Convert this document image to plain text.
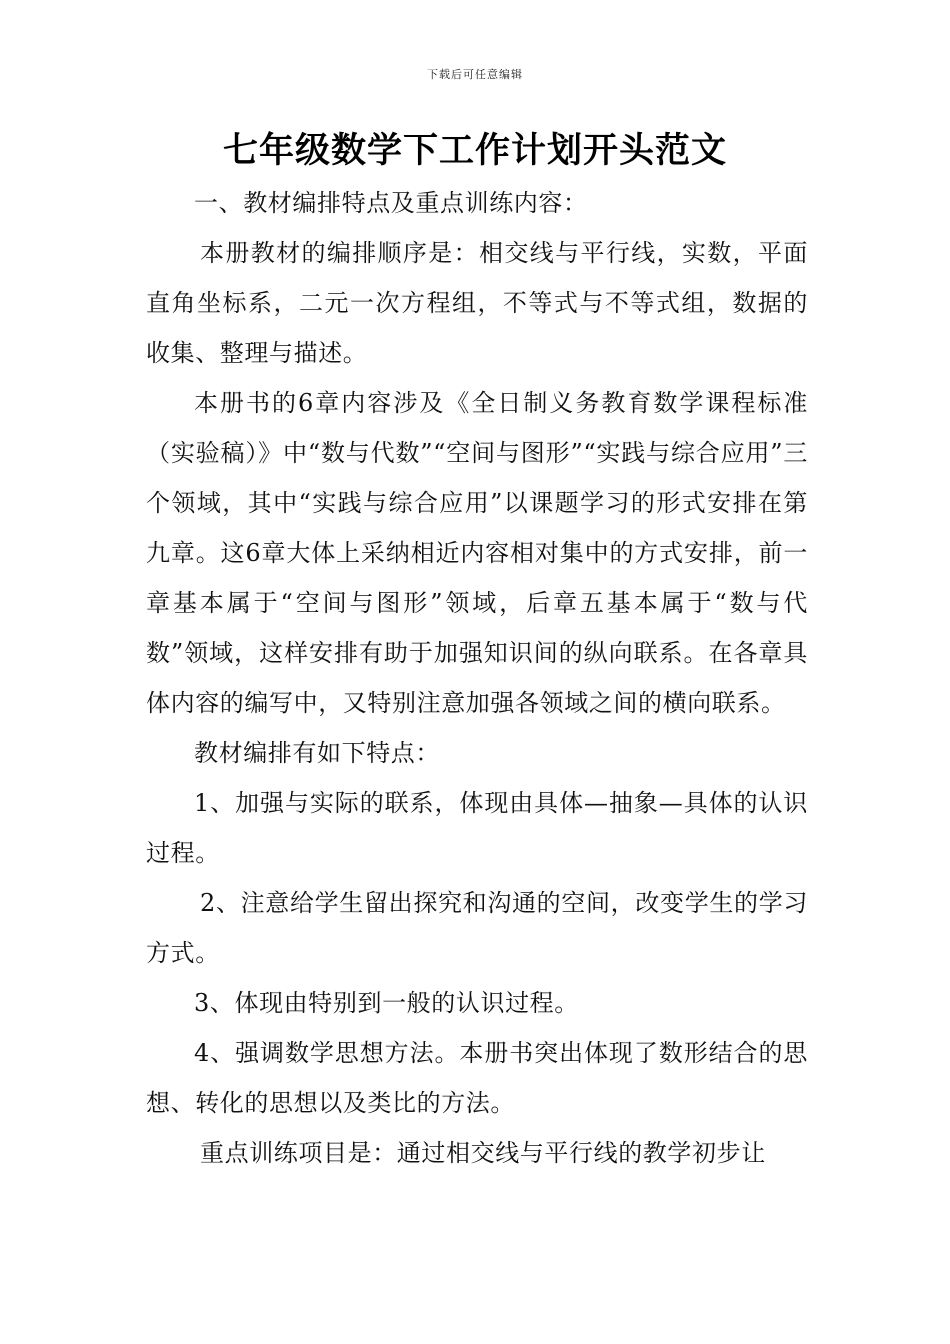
下载后可任意编辑
七年级数学下工作计划开头范文

一、教材编排特点及重点训练内容：

本册教材的编排顺序是：相交线与平行线，实数，平面直角坐标系，二元一次方程组，不等式与不等式组，数据的收集、整理与描述。

本册书的6章内容涉及《全日制义务教育数学课程标准（实验稿）》中“数与代数”“空间与图形”“实践与综合应用”三个领域，其中“实践与综合应用”以课题学习的形式安排在第九章。这6章大体上采纳相近内容相对集中的方式安排，前一章基本属于“空间与图形”领域，后章五基本属于“数与代数”领域，这样安排有助于加强知识间的纵向联系。在各章具体内容的编写中，又特别注意加强各领域之间的横向联系。

教材编排有如下特点：

1、加强与实际的联系，体现由具体—抽象—具体的认识过程。

2、注意给学生留出探究和沟通的空间，改变学生的学习方式。

3、体现由特别到一般的认识过程。

4、强调数学思想方法。本册书突出体现了数形结合的思想、转化的思想以及类比的方法。

重点训练项目是：通过相交线与平行线的教学初步让
